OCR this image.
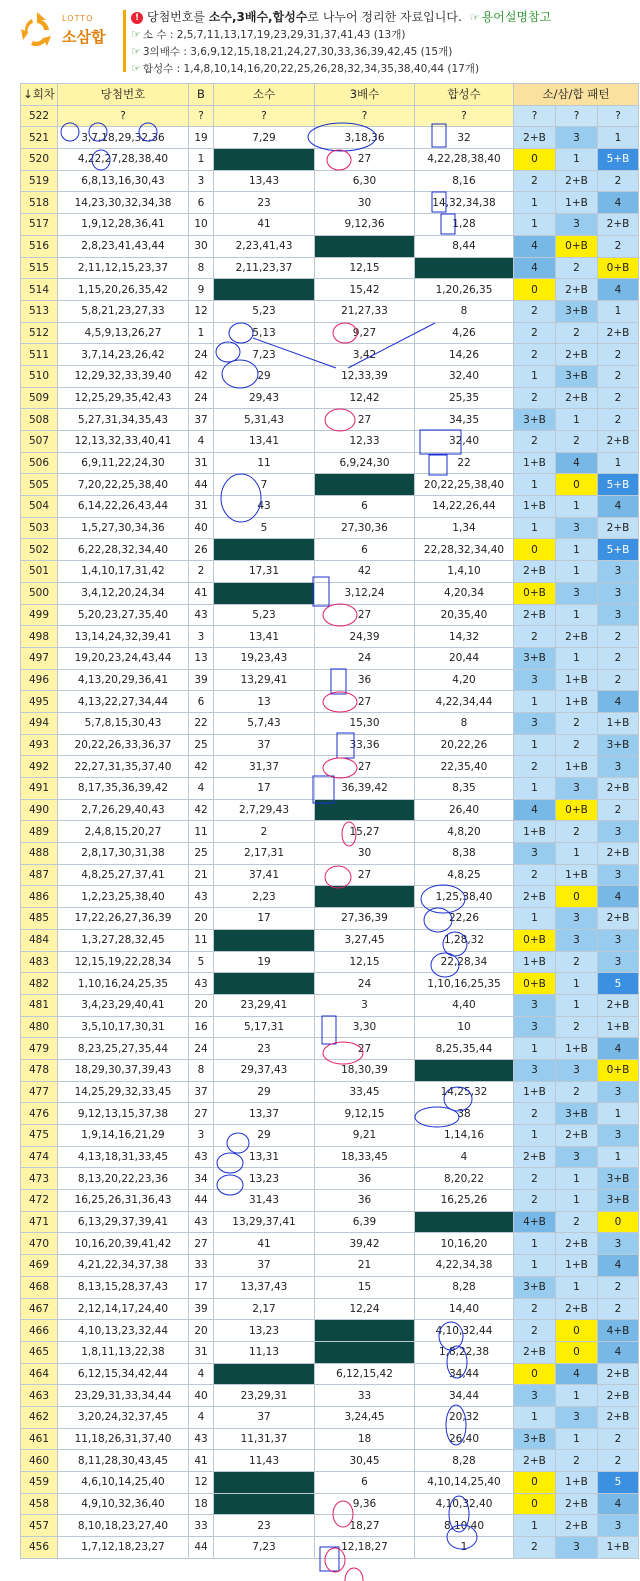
LOTTO
소삼합
! 당첨번호를 소수,3배수,합성수로 나누어 정리한 자료입니다. ☞ 용어설명참고
☞ 소 수 : 2,5,7,11,13,17,19,23,29,31,37,41,43 (13개)
☞ 3의배수 : 3,6,9,12,15,18,21,24,27,30,33,36,39,42,45 (15개)
☞ 합성수 : 1,4,8,10,14,16,20,22,25,26,28,32,34,35,38,40,44 (17개)
↓회차	당첨번호	B	소수	3배수	합성수	소/삼/합 패턴		
522	?	?	?	?	?	?	?	?
521	3,7,18,29,32,36	19	7,29	3,18,36	32	2+B	3	1
520	4,22,27,28,38,40	1		27	4,22,28,38,40	0	1	5+B
519	6,8,13,16,30,43	3	13,43	6,30	8,16	2	2+B	2
518	14,23,30,32,34,38	6	23	30	14,32,34,38	1	1+B	4
517	1,9,12,28,36,41	10	41	9,12,36	1,28	1	3	2+B
516	2,8,23,41,43,44	30	2,23,41,43		8,44	4	0+B	2
515	2,11,12,15,23,37	8	2,11,23,37	12,15		4	2	0+B
514	1,15,20,26,35,42	9		15,42	1,20,26,35	0	2+B	4
513	5,8,21,23,27,33	12	5,23	21,27,33	8	2	3+B	1
512	4,5,9,13,26,27	1	5,13	9,27	4,26	2	2	2+B
511	3,7,14,23,26,42	24	7,23	3,42	14,26	2	2+B	2
510	12,29,32,33,39,40	42	29	12,33,39	32,40	1	3+B	2
509	12,25,29,35,42,43	24	29,43	12,42	25,35	2	2+B	2
508	5,27,31,34,35,43	37	5,31,43	27	34,35	3+B	1	2
507	12,13,32,33,40,41	4	13,41	12,33	32,40	2	2	2+B
506	6,9,11,22,24,30	31	11	6,9,24,30	22	1+B	4	1
505	7,20,22,25,38,40	44	7		20,22,25,38,40	1	0	5+B
504	6,14,22,26,43,44	31	43	6	14,22,26,44	1+B	1	4
503	1,5,27,30,34,36	40	5	27,30,36	1,34	1	3	2+B
502	6,22,28,32,34,40	26		6	22,28,32,34,40	0	1	5+B
501	1,4,10,17,31,42	2	17,31	42	1,4,10	2+B	1	3
500	3,4,12,20,24,34	41		3,12,24	4,20,34	0+B	3	3
499	5,20,23,27,35,40	43	5,23	27	20,35,40	2+B	1	3
498	13,14,24,32,39,41	3	13,41	24,39	14,32	2	2+B	2
497	19,20,23,24,43,44	13	19,23,43	24	20,44	3+B	1	2
496	4,13,20,29,36,41	39	13,29,41	36	4,20	3	1+B	2
495	4,13,22,27,34,44	6	13	27	4,22,34,44	1	1+B	4
494	5,7,8,15,30,43	22	5,7,43	15,30	8	3	2	1+B
493	20,22,26,33,36,37	25	37	33,36	20,22,26	1	2	3+B
492	22,27,31,35,37,40	42	31,37	27	22,35,40	2	1+B	3
491	8,17,35,36,39,42	4	17	36,39,42	8,35	1	3	2+B
490	2,7,26,29,40,43	42	2,7,29,43		26,40	4	0+B	2
489	2,4,8,15,20,27	11	2	15,27	4,8,20	1+B	2	3
488	2,8,17,30,31,38	25	2,17,31	30	8,38	3	1	2+B
487	4,8,25,27,37,41	21	37,41	27	4,8,25	2	1+B	3
486	1,2,23,25,38,40	43	2,23		1,25,38,40	2+B	0	4
485	17,22,26,27,36,39	20	17	27,36,39	22,26	1	3	2+B
484	1,3,27,28,32,45	11		3,27,45	1,28,32	0+B	3	3
483	12,15,19,22,28,34	5	19	12,15	22,28,34	1+B	2	3
482	1,10,16,24,25,35	43		24	1,10,16,25,35	0+B	1	5
481	3,4,23,29,40,41	20	23,29,41	3	4,40	3	1	2+B
480	3,5,10,17,30,31	16	5,17,31	3,30	10	3	2	1+B
479	8,23,25,27,35,44	24	23	27	8,25,35,44	1	1+B	4
478	18,29,30,37,39,43	8	29,37,43	18,30,39		3	3	0+B
477	14,25,29,32,33,45	37	29	33,45	14,25,32	1+B	2	3
476	9,12,13,15,37,38	27	13,37	9,12,15	38	2	3+B	1
475	1,9,14,16,21,29	3	29	9,21	1,14,16	1	2+B	3
474	4,13,18,31,33,45	43	13,31	18,33,45	4	2+B	3	1
473	8,13,20,22,23,36	34	13,23	36	8,20,22	2	1	3+B
472	16,25,26,31,36,43	44	31,43	36	16,25,26	2	1	3+B
471	6,13,29,37,39,41	43	13,29,37,41	6,39		4+B	2	0
470	10,16,20,39,41,42	27	41	39,42	10,16,20	1	2+B	3
469	4,21,22,34,37,38	33	37	21	4,22,34,38	1	1+B	4
468	8,13,15,28,37,43	17	13,37,43	15	8,28	3+B	1	2
467	2,12,14,17,24,40	39	2,17	12,24	14,40	2	2+B	2
466	4,10,13,23,32,44	20	13,23		4,10,32,44	2	0	4+B
465	1,8,11,13,22,38	31	11,13		1,8,22,38	2+B	0	4
464	6,12,15,34,42,44	4		6,12,15,42	34,44	0	4	2+B
463	23,29,31,33,34,44	40	23,29,31	33	34,44	3	1	2+B
462	3,20,24,32,37,45	4	37	3,24,45	20,32	1	3	2+B
461	11,18,26,31,37,40	43	11,31,37	18	26,40	3+B	1	2
460	8,11,28,30,43,45	41	11,43	30,45	8,28	2+B	2	2
459	4,6,10,14,25,40	12		6	4,10,14,25,40	0	1+B	5
458	4,9,10,32,36,40	18		9,36	4,10,32,40	0	2+B	4
457	8,10,18,23,27,40	33	23	18,27	8,10,40	1	2+B	3
456	1,7,12,18,23,27	44	7,23	12,18,27	1	2	3	1+B
